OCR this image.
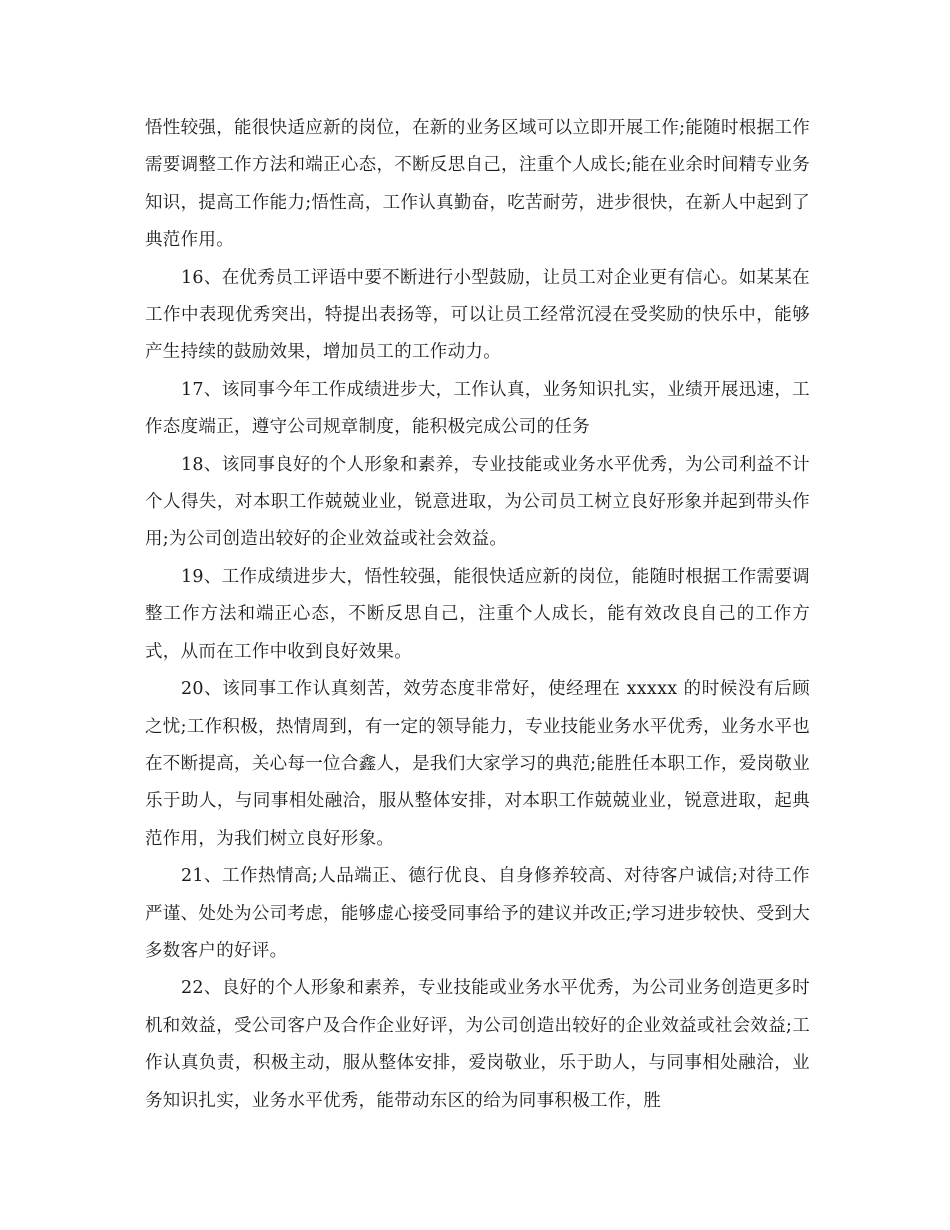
悟性较强，能很快适应新的岗位，在新的业务区域可以立即开展工作;能随时根据工作需要调整工作方法和端正心态，不断反思自己，注重个人成长;能在业余时间精专业务知识，提高工作能力;悟性高，工作认真勤奋，吃苦耐劳，进步很快，在新人中起到了典范作用。

16、在优秀员工评语中要不断进行小型鼓励，让员工对企业更有信心。如某某在工作中表现优秀突出，特提出表扬等，可以让员工经常沉浸在受奖励的快乐中，能够产生持续的鼓励效果，增加员工的工作动力。

17、该同事今年工作成绩进步大，工作认真，业务知识扎实，业绩开展迅速，工作态度端正，遵守公司规章制度，能积极完成公司的任务

18、该同事良好的个人形象和素养，专业技能或业务水平优秀，为公司利益不计个人得失，对本职工作兢兢业业，锐意进取，为公司员工树立良好形象并起到带头作用;为公司创造出较好的企业效益或社会效益。

19、工作成绩进步大，悟性较强，能很快适应新的岗位，能随时根据工作需要调整工作方法和端正心态，不断反思自己，注重个人成长，能有效改良自己的工作方式，从而在工作中收到良好效果。

20、该同事工作认真刻苦，效劳态度非常好，使经理在 xxxxx 的时候没有后顾之忧;工作积极，热情周到，有一定的领导能力，专业技能业务水平优秀，业务水平也在不断提高，关心每一位合鑫人，是我们大家学习的典范;能胜任本职工作，爱岗敬业乐于助人，与同事相处融洽，服从整体安排，对本职工作兢兢业业，锐意进取，起典范作用，为我们树立良好形象。

21、工作热情高;人品端正、德行优良、自身修养较高、对待客户诚信;对待工作严谨、处处为公司考虑，能够虚心接受同事给予的建议并改正;学习进步较快、受到大多数客户的好评。

22、良好的个人形象和素养，专业技能或业务水平优秀，为公司业务创造更多时机和效益，受公司客户及合作企业好评，为公司创造出较好的企业效益或社会效益;工作认真负责，积极主动，服从整体安排，爱岗敬业，乐于助人，与同事相处融洽，业务知识扎实，业务水平优秀，能带动东区的给为同事积极工作，胜
